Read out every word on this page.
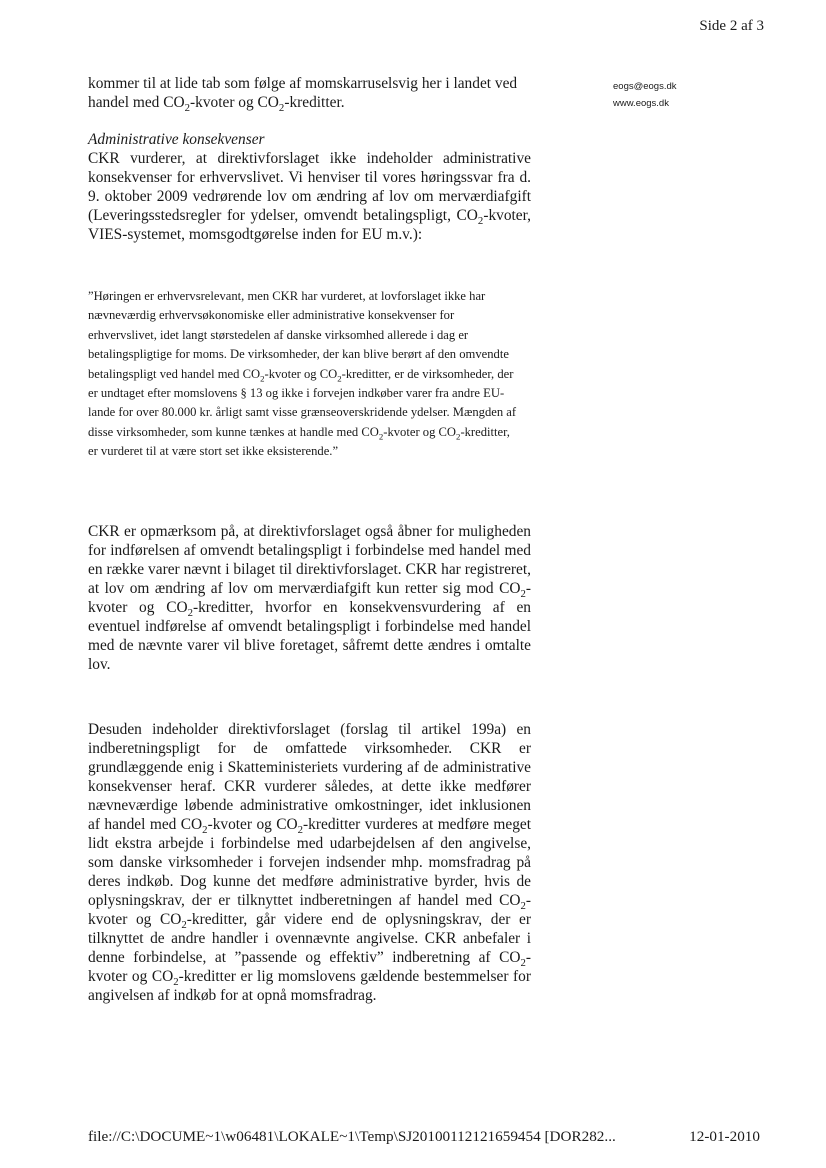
Side 2 af 3
eogs@eogs.dk
www.eogs.dk

kommer til at lide tab som følge af momskarruselsvig her i landet ved handel med $CO_2$-kvoter og $CO_2$-kreditter.

Administrative konsekvenser

CKR vurderer, at direktivforslaget ikke indeholder administrative konsekvenser for erhvervslivet. Vi henviser til vores høringssvar fra d. 9. oktober 2009 vedrørende lov om ændring af lov om merværdiafgift (Leveringsstedsregler for ydelser, omvendt betalingspligt, $CO_2$-kvoter, VIES-systemet, momsgodtgørelse inden for EU m.v.):

”Høringen er erhvervsrelevant, men CKR har vurderet, at lovforslaget ikke har nævneværdig erhvervsøkonomiske eller administrative konsekvenser for erhvervslivet, idet langt størstedelen af danske virksomhed allerede i dag er betalingspligtige for moms. De virksomheder, der kan blive berørt af den omvendte betalingspligt ved handel med $CO_2$-kvoter og $CO_2$-kreditter, er de virksomheder, der er undtaget efter momslovens § 13 og ikke i forvejen indkøber varer fra andre EU-lande for over 80.000 kr. årligt samt visse grænseoverskridende ydelser. Mængden af disse virksomheder, som kunne tænkes at handle med $CO_2$-kvoter og $CO_2$-kreditter, er vurderet til at være stort set ikke eksisterende.”

CKR er opmærksom på, at direktivforslaget også åbner for muligheden for indførelsen af omvendt betalingspligt i forbindelse med handel med en række varer nævnt i bilaget til direktivforslaget. CKR har registreret, at lov om ændring af lov om merværdiafgift kun retter sig mod $CO_2$-kvoter og $CO_2$-kreditter, hvorfor en konsekvensvurdering af en eventuel indførelse af omvendt betalingspligt i forbindelse med handel med de nævnte varer vil blive foretaget, såfremt dette ændres i omtalte lov.

Desuden indeholder direktivforslaget (forslag til artikel 199a) en indberetningspligt for de omfattede virksomheder. CKR er grundlæggende enig i Skatteministeriets vurdering af de administrative konsekvenser heraf. CKR vurderer således, at dette ikke medfører nævneværdige løbende administrative omkostninger, idet inklusionen af handel med $CO_2$-kvoter og $CO_2$-kreditter vurderes at medføre meget lidt ekstra arbejde i forbindelse med udarbejdelsen af den angivelse, som danske virksomheder i forvejen indsender mhp. momsfradrag på deres indkøb. Dog kunne det medføre administrative byrder, hvis de oplysningskrav, der er tilknyttet indberetningen af handel med $CO_2$-kvoter og $CO_2$-kreditter, går videre end de oplysningskrav, der er tilknyttet de andre handler i ovennævnte angivelse. CKR anbefaler i denne forbindelse, at ”passende og effektiv” indberetning af $CO_2$-kvoter og $CO_2$-kreditter er lig momslovens gældende bestemmelser for angivelsen af indkøb for at opnå momsfradrag.

file://C:\DOCUME~1\w06481\LOKALE~1\Temp\SJ20100112121659454 [DOR282...	12-01-2010
